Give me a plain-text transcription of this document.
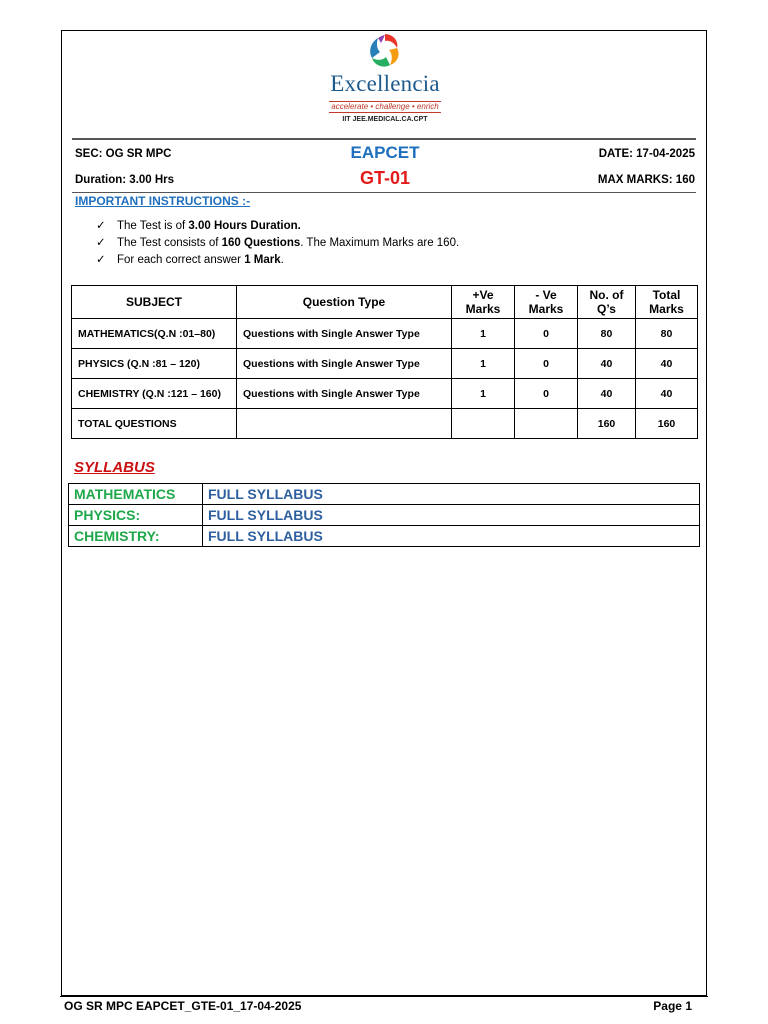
Excellencia
accelerate • challenge • enrich
IIT JEE.MEDICAL.CA.CPT
SEC: OG SR MPC	EAPCET	DATE: 17-04-2025
Duration: 3.00 Hrs	GT-01	MAX MARKS: 160
IMPORTANT INSTRUCTIONS :-
✓ The Test is of 3.00 Hours Duration.
✓ The Test consists of 160 Questions. The Maximum Marks are 160.
✓ For each correct answer 1 Mark.
SUBJECT	Question Type	+Ve Marks	- Ve Marks	No. of Q’s	Total Marks
MATHEMATICS(Q.N :01–80)	Questions with Single Answer Type	1	0	80	80
PHYSICS (Q.N :81 – 120)	Questions with Single Answer Type	1	0	40	40
CHEMISTRY (Q.N :121 – 160)	Questions with Single Answer Type	1	0	40	40
TOTAL QUESTIONS				160	160
SYLLABUS
MATHEMATICS	FULL SYLLABUS
PHYSICS:	FULL SYLLABUS
CHEMISTRY:	FULL SYLLABUS
OG SR MPC EAPCET_GTE-01_17-04-2025	Page 1
